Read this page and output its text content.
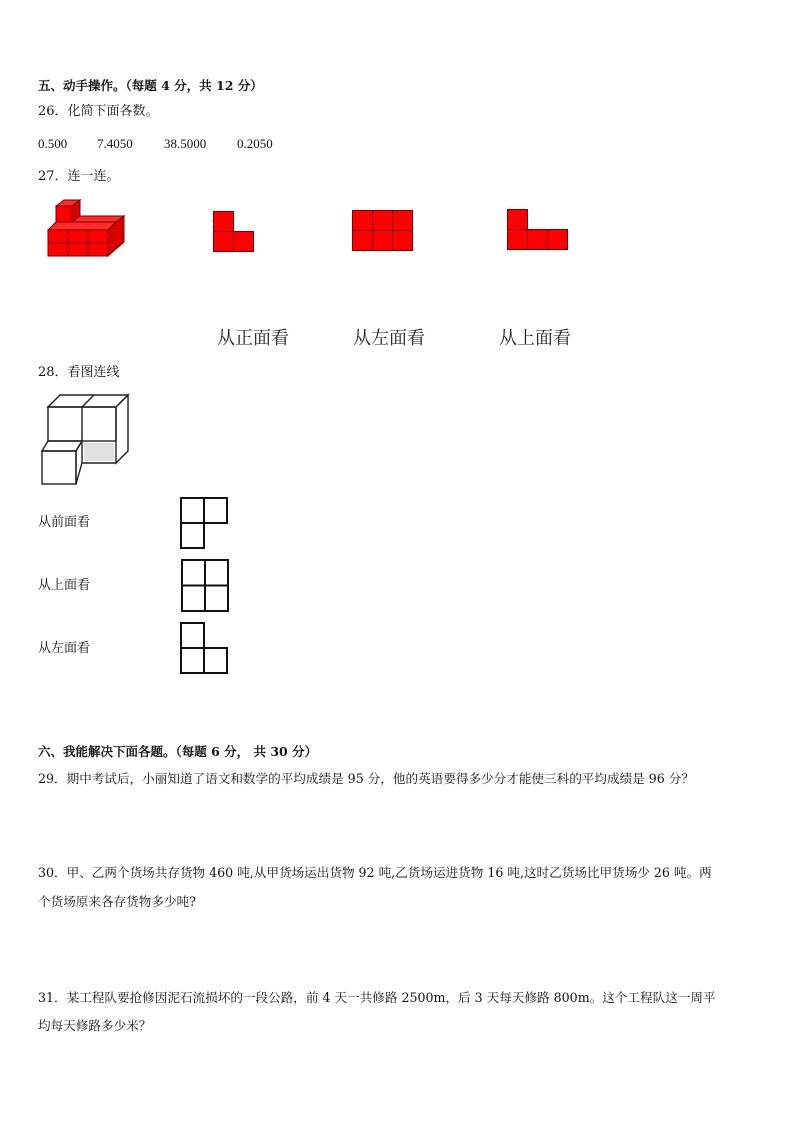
五、动手操作。（每题 4 分，共 12 分）
26．化简下面各数。
0.500 7.4050 38.5000 0.2050
27．连一连。
从正面看	从左面看	从上面看
28．看图连线
从前面看
从上面看
从左面看
六、我能解决下面各题。（每题 6 分， 共 30 分）
29．期中考试后，小丽知道了语文和数学的平均成绩是 95 分，他的英语要得多少分才能使三科的平均成绩是 96 分？
30．甲、乙两个货场共存货物 460 吨,从甲货场运出货物 92 吨,乙货场运进货物 16 吨,这时乙货场比甲货场少 26 吨。两
个货场原来各存货物多少吨?
31．某工程队要抢修因泥石流损坏的一段公路，前 4 天一共修路 2500m，后 3 天每天修路 800m。这个工程队这一周平
均每天修路多少米？
